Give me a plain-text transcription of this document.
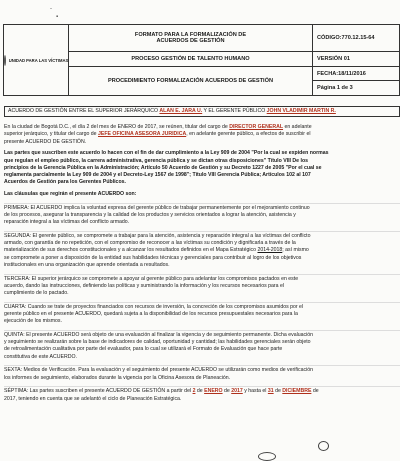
-
▪
UNIDAD PARA LAS VÍCTIMAS	FORMATO PARA LA FORMALIZACIÓN DE
ACUERDOS DE GESTIÓN	CÓDIGO:770.12.15-64
	PROCESO GESTIÓN DE TALENTO HUMANO	VERSIÓN 01
	PROCEDIMIENTO FORMALIZACIÓN ACUERDOS DE GESTIÓN	FECHA:18/11/2016
		Página 1 de 3

ACUERDO DE GESTIÓN ENTRE EL SUPERIOR JERÁRQUICO ALAN E. JARA U. Y EL GERENTE PÚBLICO JOHN VLADIMIR MARTIN R.

En la ciudad de Bogotá D.C., el día 2 del mes de ENERO de 2017, se reúnen, titular del cargo de DIRECTOR GENERAL en adelante
superior jerárquico, y titular del cargo de JEFE OFICINA ASESORA JURIDICA, en adelante gerente público, a efectos de suscribir el
presente ACUERDO DE GESTIÓN.

Las partes que suscriben este acuerdo lo hacen con el fin de dar cumplimiento a la Ley 909 de 2004 "Por la cual se expiden normas
que regulan el empleo público, la carrera administrativa, gerencia pública y se dictan otras disposiciones" Título VIII De los
principios de la Gerencia Pública en la Administración; Artículo 50 Acuerdo de Gestión y su Decreto 1227 de 2005 "Por el cual se
reglamenta parcialmente la Ley 909 de 2004 y el Decreto-Ley 1567 de 1998"; Título VIII Gerencia Pública; Artículos 102 al 107
Acuerdos de Gestión para los Gerentes Públicos.

Las cláusulas que regirán el presente ACUERDO son:

PRIMERA: El ACUERDO implica la voluntad expresa del gerente público de trabajar permanentemente por el mejoramiento continuo
de los procesos, asegurar la transparencia y la calidad de los productos y servicios orientados a lograr la atención, asistencia y
reparación integral a las víctimas del conflicto armado.

SEGUNDA: El gerente público, se compromete a trabajar para la atención, asistencia y reparación integral a las víctimas del conflicto
armado, con garantía de no repetición, con el compromiso de reconocer a las víctimas su condición y dignificarla a través de la
materialización de sus derechos constitucionales y a alcanzar los resultados definidos en el Mapa Estratégico 2014-2018; así mismo
se compromete a poner a disposición de la entidad sus habilidades técnicas y gerenciales para contribuir al logro de los objetivos
institucionales en una organización que aprende orientada a resultados.

TERCERA: El superior jerárquico se compromete a apoyar al gerente público para adelantar los compromisos pactados en este
acuerdo, dando las instrucciones, definiendo las políticas y suministrando la información y los recursos necesarios para el
cumplimiento de lo pactado.

CUARTA: Cuando se trate de proyectos financiados con recursos de inversión, la concreción de los compromisos asumidos por el
gerente público en el presente ACUERDO, quedará sujeta a la disponibilidad de los recursos presupuestales necesarios para la
ejecución de los mismos.

QUINTA: El presente ACUERDO será objeto de una evaluación al finalizar la vigencia y de seguimiento permanente. Dicha evaluación
y seguimiento se realizarán sobre la base de indicadores de calidad, oportunidad y cantidad; las habilidades gerenciales serán objeto
de retroalimentación cualitativa por parte del evaluador, para lo cual se utilizará el Formato de Evaluación que hace parte
constitutiva de este ACUERDO.

SEXTA: Medios de Verificación. Para la evaluación y el seguimiento del presente ACUERDO se utilizarán como medios de verificación
los informes de seguimiento, elaborados durante la vigencia por la Oficina Asesora de Planeación.

SÉPTIMA: Las partes suscriben el presente ACUERDO DE GESTIÓN a partir del 2 de ENERO de 2017 y hasta el 31 de DICIEMBRE de
2017, teniendo en cuenta que se adelantó el ciclo de Planeación Estratégica.
